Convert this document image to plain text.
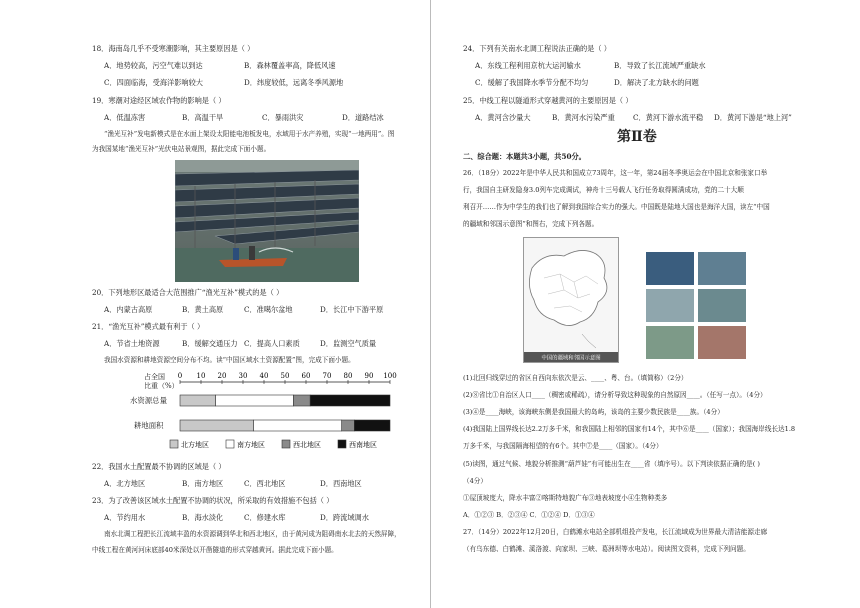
18．海南岛几乎不受寒潮影响，其主要原因是（ ）
A．地势较高，污空气难以到达	B．森林覆盖率高，降低风速
C．四面临海，受海洋影响较大	D．纬度较低，远离冬季风源地
19．寒潮对途经区域农作物的影响是（ ）
A．低温冻害	B．高温干旱	C．暴雨洪灾	D．道路结冰
“渔光互补”发电新模式是在水面上架设太阳能电池板发电，水域用于水产养殖，实现“一地两用”。图
为我国某地“渔光互补”光伏电站景观图，据此完成下面小题。
20．下列地形区最适合大范围推广“渔光互补”模式的是（ ）
A．内蒙古高原	B．黄土高原	C．准噶尔盆地	D．长江中下游平原
21．“渔光互补”模式最有利于（ ）
A．节省土地资源	B．缓解交通压力 C．提高人口素质	D．监测空气质量
我国水资源和耕地资源空间分布不均。读“中国区域水土资源配置”图，完成下面小题。
占全国
比重（%）
0 10 20 30 40 50 60 70 80 90 100
水资源总量
耕地面积
北方地区	南方地区	西北地区	西南地区
22．我国水土配置最不协调的区域是（ ）
A．北方地区	B．南方地区	C．西北地区	D．西南地区
23．为了改善该区域水土配置不协调的状况，所采取的有效措施不包括（ ）
A．节约用水	B．海水淡化	C．修建水库	D．跨流域调水
南水北调工程把长江流域丰盈的水资源调到华北和西北地区，由于黄河成为阻碍南水北去的天然屏障，
中线工程在黄河河床底部40米深处以开凿隧道的形式穿越黄河。据此完成下面小题。
24．下列有关南水北调工程说法正确的是（ ）
A．东线工程利用京杭大运河输水	B．导致了长江流域严重缺水
C．缓解了我国降水季节分配不均匀	D．解决了北方缺水的问题
25．中线工程以隧道形式穿越黄河的主要原因是（ ）
A．黄河含沙量大	B．黄河水污染严重	C．黄河下游水流平稳 D．黄河下游是“地上河”
第Ⅱ卷
二、综合题：本题共3小题，共50分。
26．（18分）2022年是中华人民共和国成立73周年，这一年，第24届冬季奥运会在中国北京和张家口举
行，我国自主研发隐身3.0列车完成调试，神舟十三号载人飞行任务取得圆满成功，党的二十大顺
利召开……作为中学生的我们也了解到我国综合实力的强大。中国既是陆地大国也是海洋大国，读左“中国
的疆域和邻国示意图”和图右，完成下列各题。
中国的疆域和邻国示意图
(1)北回归线穿过的省区自西向东依次是云、____、粤、台。（填简称）（2分）
(2)⑧省比①自治区人口____（稠密或稀疏），请分析导致这种现象的自然原因____。（任写一点）。（4分）
(3)④是____海峡，该海峡东侧是我国最大的岛屿，该岛的主要少数民族是____族。（4分）
(4)我国陆上国界线长达2.2万多千米，和我国陆上相邻的国家有14个，其中⑥是____（国家）；我国海岸线长达1.8
万多千米，与我国隔海相望的有6个。其中⑦是____（国家）。（4分）
(5)读图，通过气候、地貌分析推测“葫芦娃”有可能出生在____省（填序号）。以下判读依据正确的是( )
（4分）
①屋顶坡度大，降水丰富②喀斯特地貌广布③地表坡度小④生物种类多
A．①②③ B．②③④ C．①②④ D．①③④
27．（14分）2022年12月20日，白鹤滩水电站全部机组投产发电，长江流域成为世界最大清洁能源走廊
（有乌东德、白鹤滩、溪洛渡、向家坝、三峡、葛洲坝等水电站）。阅读图文资料，完成下列问题。
